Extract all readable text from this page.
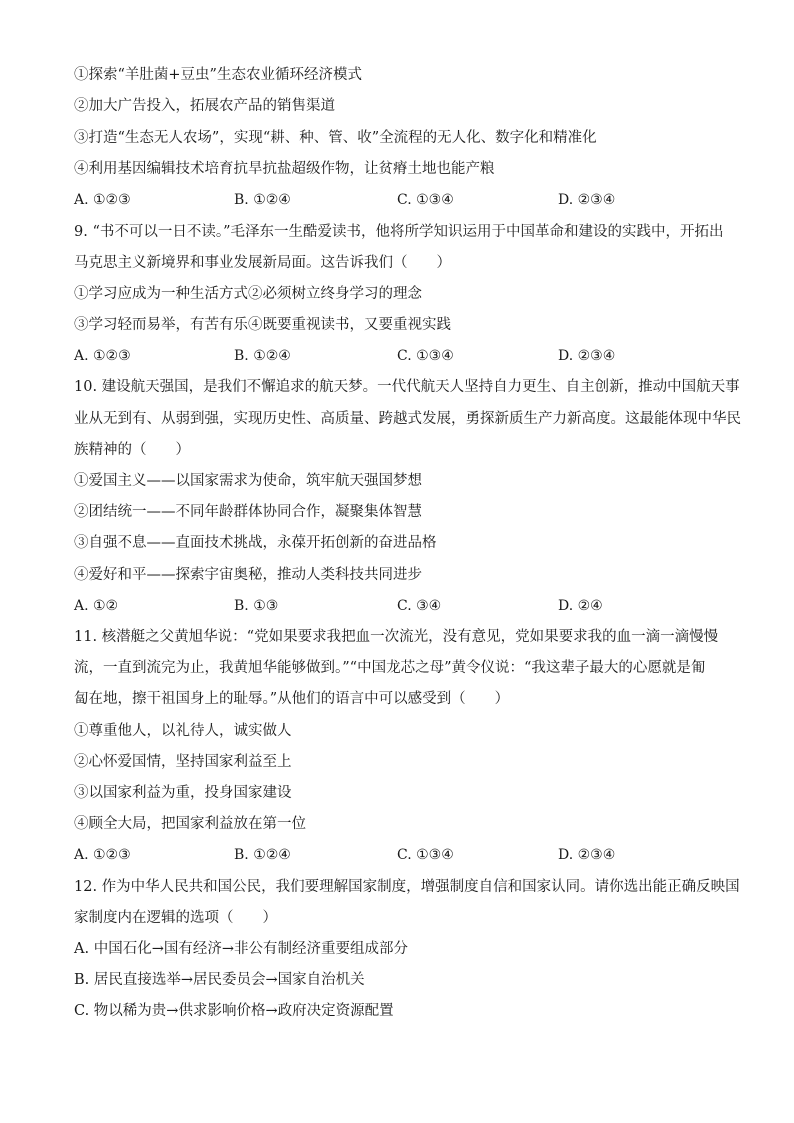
①探索“羊肚菌+豆虫”生态农业循环经济模式
②加大广告投入，拓展农产品的销售渠道
③打造“生态无人农场”，实现“耕、种、管、收”全流程的无人化、数字化和精准化
④利用基因编辑技术培育抗旱抗盐超级作物，让贫瘠土地也能产粮
A. ①②③	B. ①②④	C. ①③④	D. ②③④
9. “书不可以一日不读。”毛泽东一生酷爱读书，他将所学知识运用于中国革命和建设的实践中，开拓出
马克思主义新境界和事业发展新局面。这告诉我们（　　）
①学习应成为一种生活方式②必须树立终身学习的理念
③学习轻而易举，有苦有乐④既要重视读书，又要重视实践
A. ①②③	B. ①②④	C. ①③④	D. ②③④
10. 建设航天强国，是我们不懈追求的航天梦。一代代航天人坚持自力更生、自主创新，推动中国航天事
业从无到有、从弱到强，实现历史性、高质量、跨越式发展，勇探新质生产力新高度。这最能体现中华民
族精神的（　　）
①爱国主义——以国家需求为使命，筑牢航天强国梦想
②团结统一——不同年龄群体协同合作，凝聚集体智慧
③自强不息——直面技术挑战，永葆开拓创新的奋进品格
④爱好和平——探索宇宙奥秘，推动人类科技共同进步
A. ①②	B. ①③	C. ③④	D. ②④
11. 核潜艇之父黄旭华说：“党如果要求我把血一次流光，没有意见，党如果要求我的血一滴一滴慢慢
流，一直到流完为止，我黄旭华能够做到。”“中国龙芯之母”黄令仪说：“我这辈子最大的心愿就是匍
匐在地，擦干祖国身上的耻辱。”从他们的语言中可以感受到（　　）
①尊重他人，以礼待人，诚实做人
②心怀爱国情，坚持国家利益至上
③以国家利益为重，投身国家建设
④顾全大局，把国家利益放在第一位
A. ①②③	B. ①②④	C. ①③④	D. ②③④
12. 作为中华人民共和国公民，我们要理解国家制度，增强制度自信和国家认同。请你选出能正确反映国
家制度内在逻辑的选项（　　）
A. 中国石化→国有经济→非公有制经济重要组成部分
B. 居民直接选举→居民委员会→国家自治机关
C. 物以稀为贵→供求影响价格→政府决定资源配置
